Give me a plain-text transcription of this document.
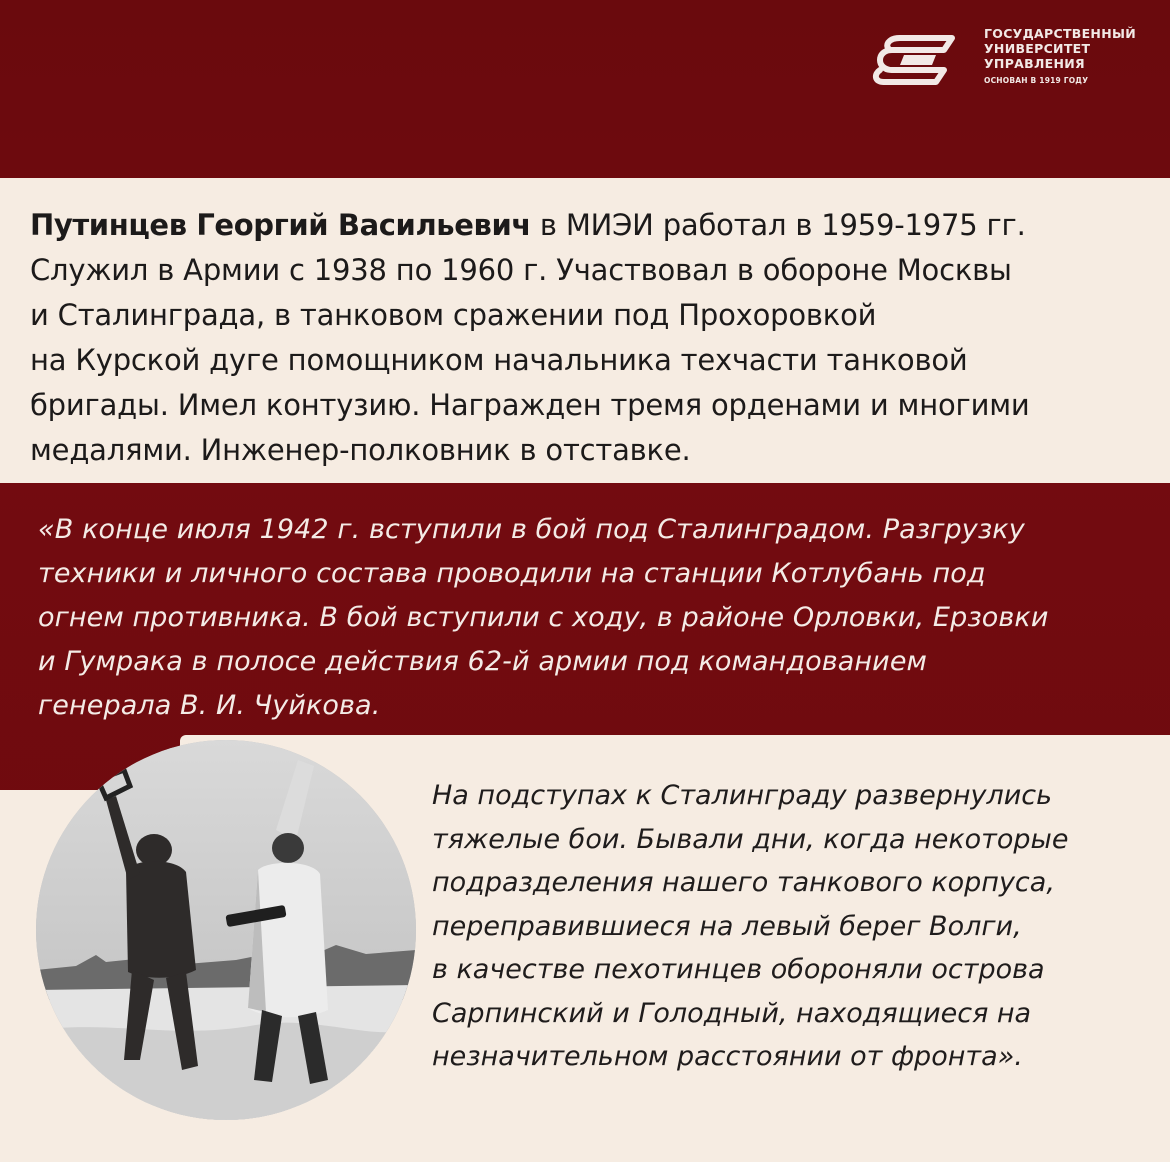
ГОСУДАРСТВЕННЫЙ
УНИВЕРСИТЕТ
УПРАВЛЕНИЯ
ОСНОВАН В 1919 ГОДУ
Путинцев Георгий Васильевич в МИЭИ работал в 1959-1975 гг.
Служил в Армии с 1938 по 1960 г. Участвовал в обороне Москвы
и Сталинграда, в танковом сражении под Прохоровкой
на Курской дуге помощником начальника техчасти танковой
бригады. Имел контузию. Награжден тремя орденами и многими
медалями. Инженер-полковник в отставке.
«В конце июля 1942 г. вступили в бой под Сталинградом. Разгрузку
техники и личного состава проводили на станции Котлубань под
огнем противника. В бой вступили с ходу, в районе Орловки, Ерзовки
и Гумрака в полосе действия 62-й армии под командованием
генерала В. И. Чуйкова.
На подступах к Сталинграду развернулись
тяжелые бои. Бывали дни, когда некоторые
подразделения нашего танкового корпуса,
переправившиеся на левый берег Волги,
в качестве пехотинцев обороняли острова
Сарпинский и Голодный, находящиеся на
незначительном расстоянии от фронта».
